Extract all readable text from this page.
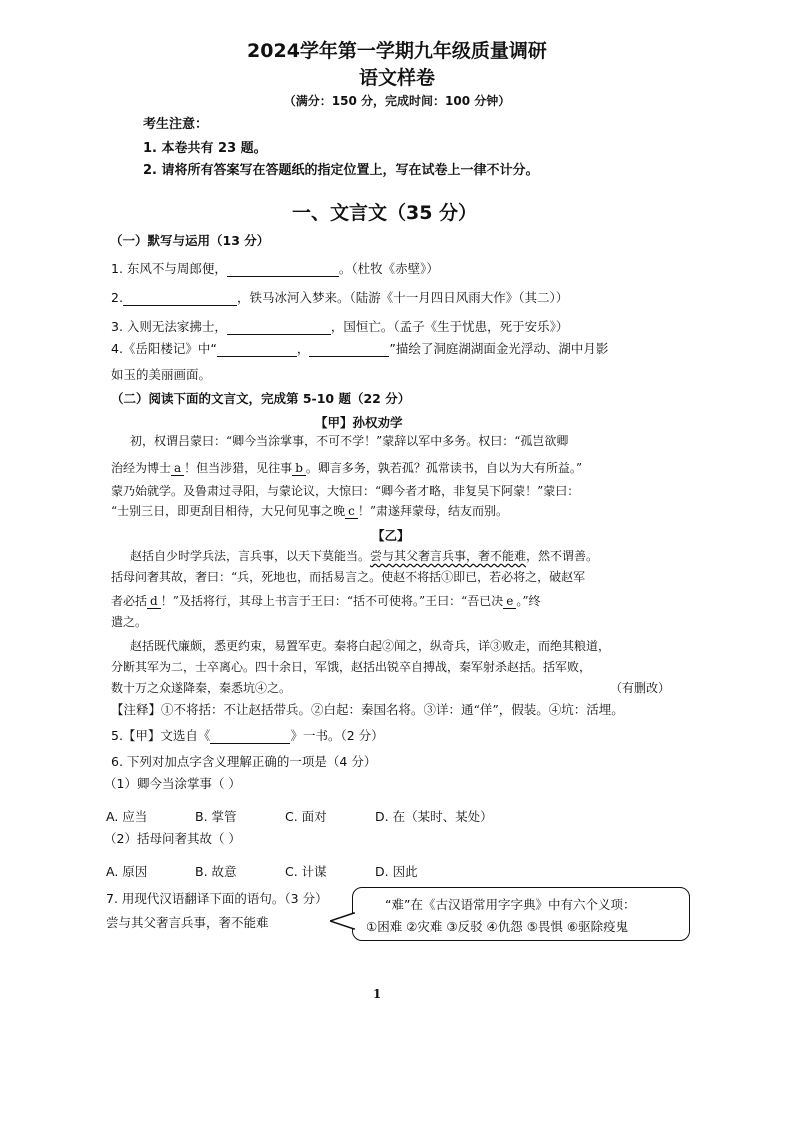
2024学年第一学期九年级质量调研
语文样卷
（满分：150 分，完成时间：100 分钟）
考生注意：
1. 本卷共有 23 题。
2. 请将所有答案写在答题纸的指定位置上，写在试卷上一律不计分。
一、文言文（35 分）
（一）默写与运用（13 分）
1. 东风不与周郎便，	。（杜牧《赤壁》）
2.	，铁马冰河入梦来。（陆游《十一月四日风雨大作》（其二））
3. 入则无法家拂士，	，国恒亡。（孟子《生于忧患，死于安乐》）
4.《岳阳楼记》中“	，	”描绘了洞庭湖湖面金光浮动、湖中月影
如玉的美丽画面。
（二）阅读下面的文言文，完成第 5-10 题（22 分）
【甲】孙权劝学
初，权谓吕蒙曰：“卿今当涂掌事，不可不学！”蒙辞以军中多务。权曰：“孤岂欲卿
治经为博士 a ！但当涉猎，见往事 b 。卿言多务，孰若孤？孤常读书，自以为大有所益。”
蒙乃始就学。及鲁肃过寻阳，与蒙论议，大惊曰：“卿今者才略，非复吴下阿蒙！”蒙曰：
“士别三日，即更刮目相待，大兄何见事之晚 c ！”肃遂拜蒙母，结友而别。
【乙】
赵括自少时学兵法，言兵事，以天下莫能当。尝与其父奢言兵事，奢不能难，然不谓善。
括母问奢其故，奢曰：“兵，死地也，而括易言之。使赵不将括①即已，若必将之，破赵军
者必括 d ！”及括将行，其母上书言于王曰：“括不可使将。”王曰：“吾已决 e 。”终
遣之。
赵括既代廉颇，悉更约束，易置军吏。秦将白起②闻之，纵奇兵，详③败走，而绝其粮道，
分断其军为二，士卒离心。四十余日，军饿，赵括出锐卒自搏战，秦军射杀赵括。括军败，
数十万之众遂降秦，秦悉坑④之。	（有删改）
【注释】①不将括：不让赵括带兵。②白起：秦国名将。③详：通“佯”，假装。④坑：活埋。
5.【甲】文选自《	》一书。（2 分）
6. 下列对加点字含义理解正确的一项是（4 分）
（1）卿今当涂掌事（ ）
A. 应当	B. 掌管	C. 面对	D. 在（某时、某处）
（2）括母问奢其故（ ）
A. 原因	B. 故意	C. 计谋	D. 因此
7. 用现代汉语翻译下面的语句。（3 分）
尝与其父奢言兵事，奢不能难
“难”在《古汉语常用字字典》中有六个义项：
①困难 ②灾难 ③反驳 ④仇怨 ⑤畏惧 ⑥驱除疫鬼
1
